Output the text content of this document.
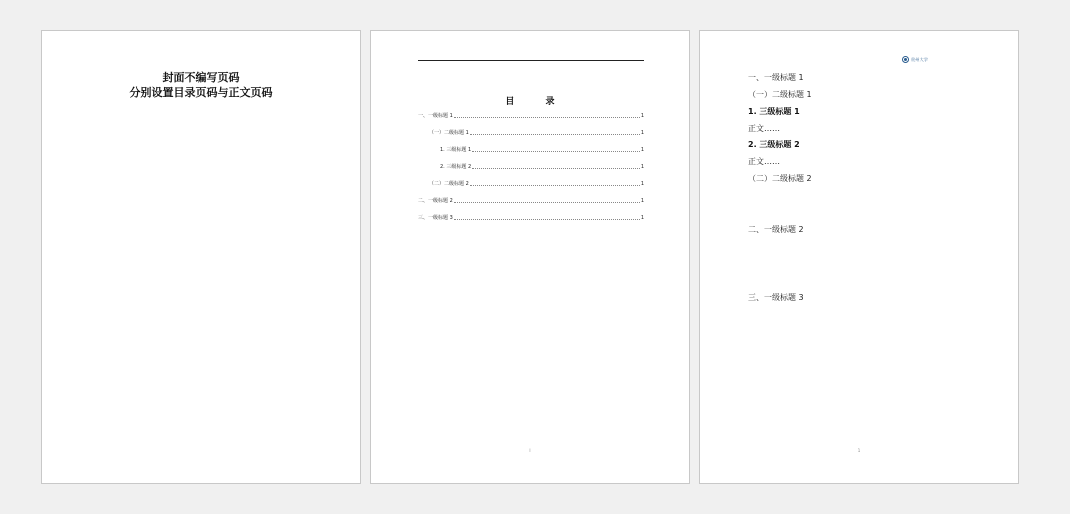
封面不编写页码
分别设置目录页码与正文页码
目 录
一、一级标题 1	1
（一）二级标题 1	1
1. 三级标题 1	1
2. 三级标题 2	1
（二）二级标题 2	1
二、一级标题 2	1
三、一级标题 3	1
I
贵州大学
一、一级标题 1
（一）二级标题 1
1. 三级标题 1
正文……
2. 三级标题 2
正文……
（二）二级标题 2
二、一级标题 2
三、一级标题 3
1
